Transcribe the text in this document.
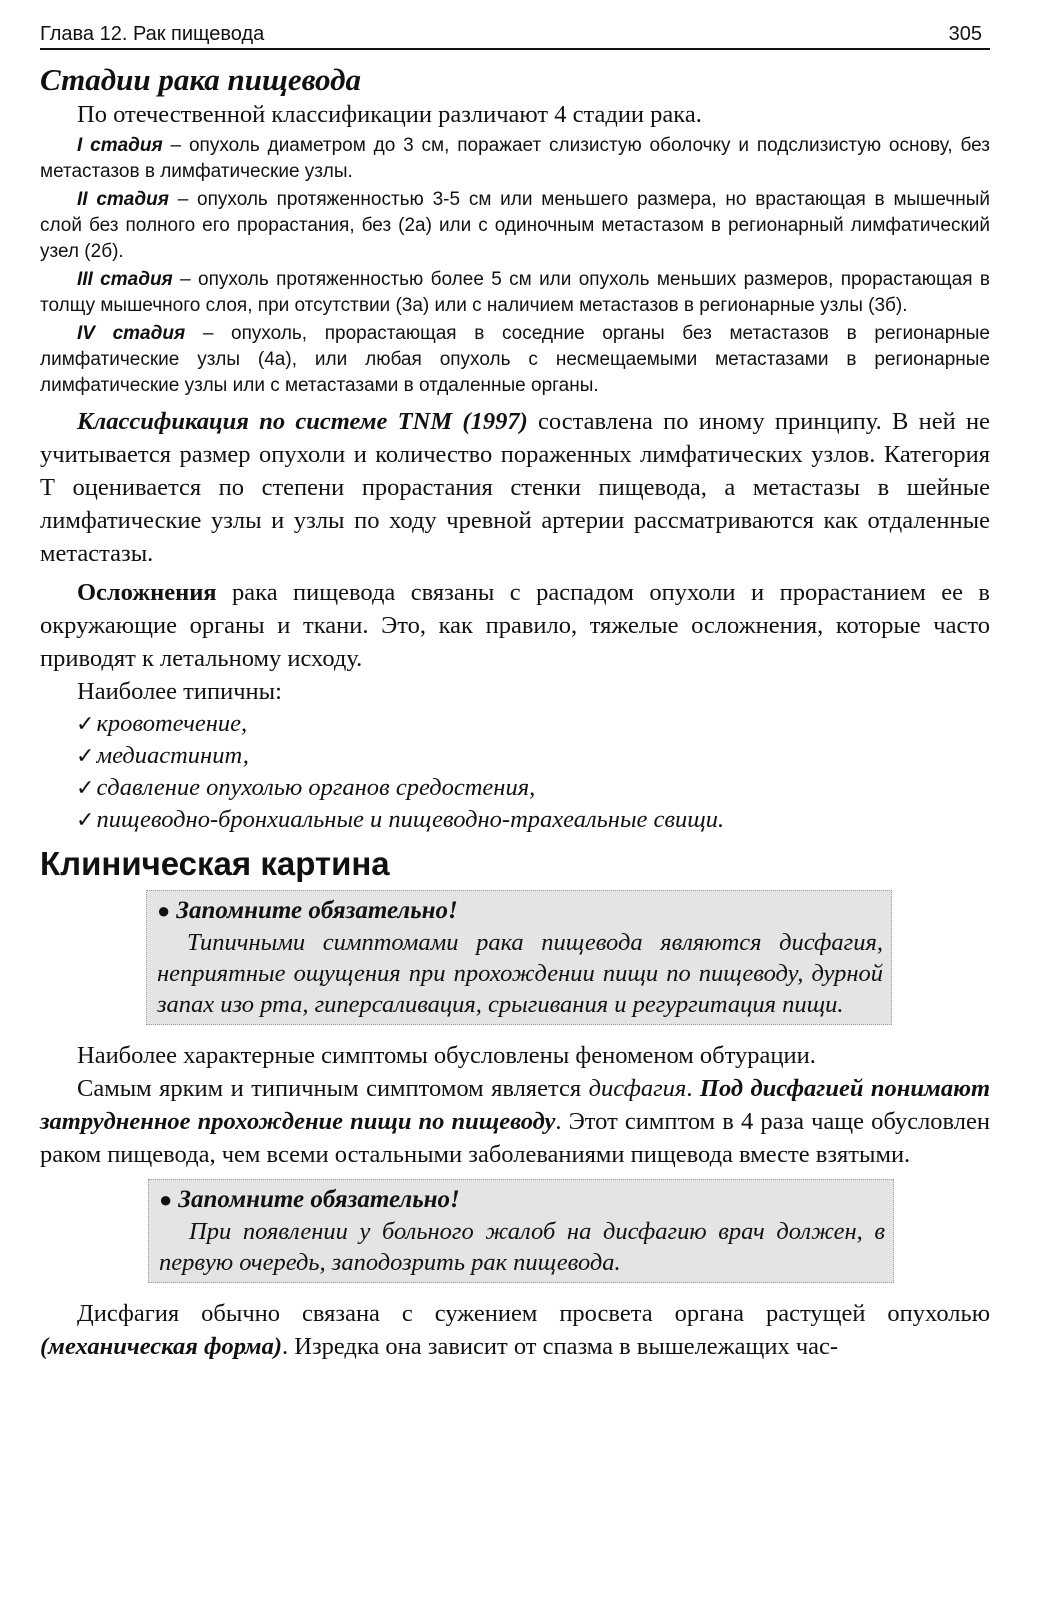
Глава 12. Рак пищевода	305
Стадии рака пищевода

По отечественной классификации различают 4 стадии рака.

I стадия – опухоль диаметром до 3 см, поражает слизистую оболочку и подслизистую основу, без метастазов в лимфатические узлы.

II стадия – опухоль протяженностью 3-5 см или меньшего размера, но врастающая в мышечный слой без полного его прорастания, без (2а) или с одиночным метастазом в регионарный лимфатический узел (2б).

III стадия – опухоль протяженностью более 5 см или опухоль меньших размеров, прорастающая в толщу мышечного слоя, при отсутствии (3а) или с наличием метастазов в регионарные узлы (3б).

IV стадия – опухоль, прорастающая в соседние органы без метастазов в регионарные лимфатические узлы (4а), или любая опухоль с несмещаемыми метастазами в регионарные лимфатические узлы или с метастазами в отдаленные органы.

Классификация по системе TNM (1997) составлена по иному принципу. В ней не учитывается размер опухоли и количество пораженных лимфатических узлов. Категория Т оценивается по степени прорастания стенки пищевода, а метастазы в шейные лимфатические узлы и узлы по ходу чревной артерии рассматриваются как отдаленные метастазы.

Осложнения рака пищевода связаны с распадом опухоли и прорастанием ее в окружающие органы и ткани. Это, как правило, тяжелые осложнения, которые часто приводят к летальному исходу.

Наиболее типичны:

✓кровотечение,
✓медиастинит,
✓сдавление опухолью органов средостения,
✓пищеводно-бронхиальные и пищеводно-трахеальные свищи.
Клиническая картина
● Запомните обязательно!
Типичными симптомами рака пищевода являются дисфагия, неприятные ощущения при прохождении пищи по пищеводу, дурной запах изо рта, гиперсаливация, срыгивания и регургитация пищи.

Наиболее характерные симптомы обусловлены феноменом обтурации.

Самым ярким и типичным симптомом является дисфагия. Под дисфагией понимают затрудненное прохождение пищи по пищеводу. Этот симптом в 4 раза чаще обусловлен раком пищевода, чем всеми остальными заболеваниями пищевода вместе взятыми.

● Запомните обязательно!
При появлении у больного жалоб на дисфагию врач должен, в первую очередь, заподозрить рак пищевода.

Дисфагия обычно связана с сужением просвета органа растущей опухолью (механическая форма). Изредка она зависит от спазма в вышележащих час-
